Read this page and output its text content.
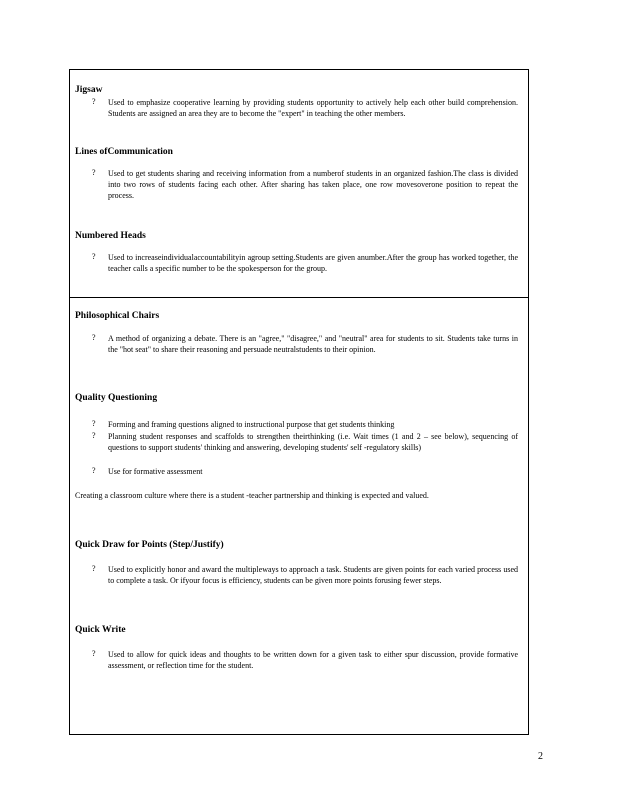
Jigsaw
?	Used to emphasize cooperative learning by providing students opportunity to actively help each other build comprehension. Students are assigned an area they are to become the "expert" in teaching the other members.

Lines ofCommunication
?	Used to get students sharing and receiving information from a numberof students in an organized fashion.The class is divided into two rows of students facing each other. After sharing has taken place, one row movesoverone position to repeat the process.

Numbered Heads
?	Used to increaseindividualaccountabilityin agroup setting.Students are given anumber.After the group has worked together, the teacher calls a specific number to be the spokesperson for the group.

Philosophical Chairs
?	A method of organizing a debate. There is an "agree," "disagree," and "neutral" area for students to sit. Students take turns in the "hot seat" to share their reasoning and persuade neutralstudents to their opinion.

Quality Questioning
?	Forming and framing questions aligned to instructional purpose that get students thinking

?	Planning student responses and scaffolds to strengthen theirthinking (i.e. Wait times (1 and 2 – see below), sequencing of questions to support students' thinking and answering, developing students' self -regulatory skills)

?	Use for formative assessment

Creating a classroom culture where there is a student -teacher partnership and thinking is expected and valued.

Quick Draw for Points (Step/Justify)
?	Used to explicitly honor and award the multipleways to approach a task. Students are given points for each varied process used to complete a task. Or ifyour focus is efficiency, students can be given more points forusing fewer steps.

Quick Write
?	Used to allow for quick ideas and thoughts to be written down for a given task to either spur discussion, provide formative assessment, or reflection time for the student.

2
